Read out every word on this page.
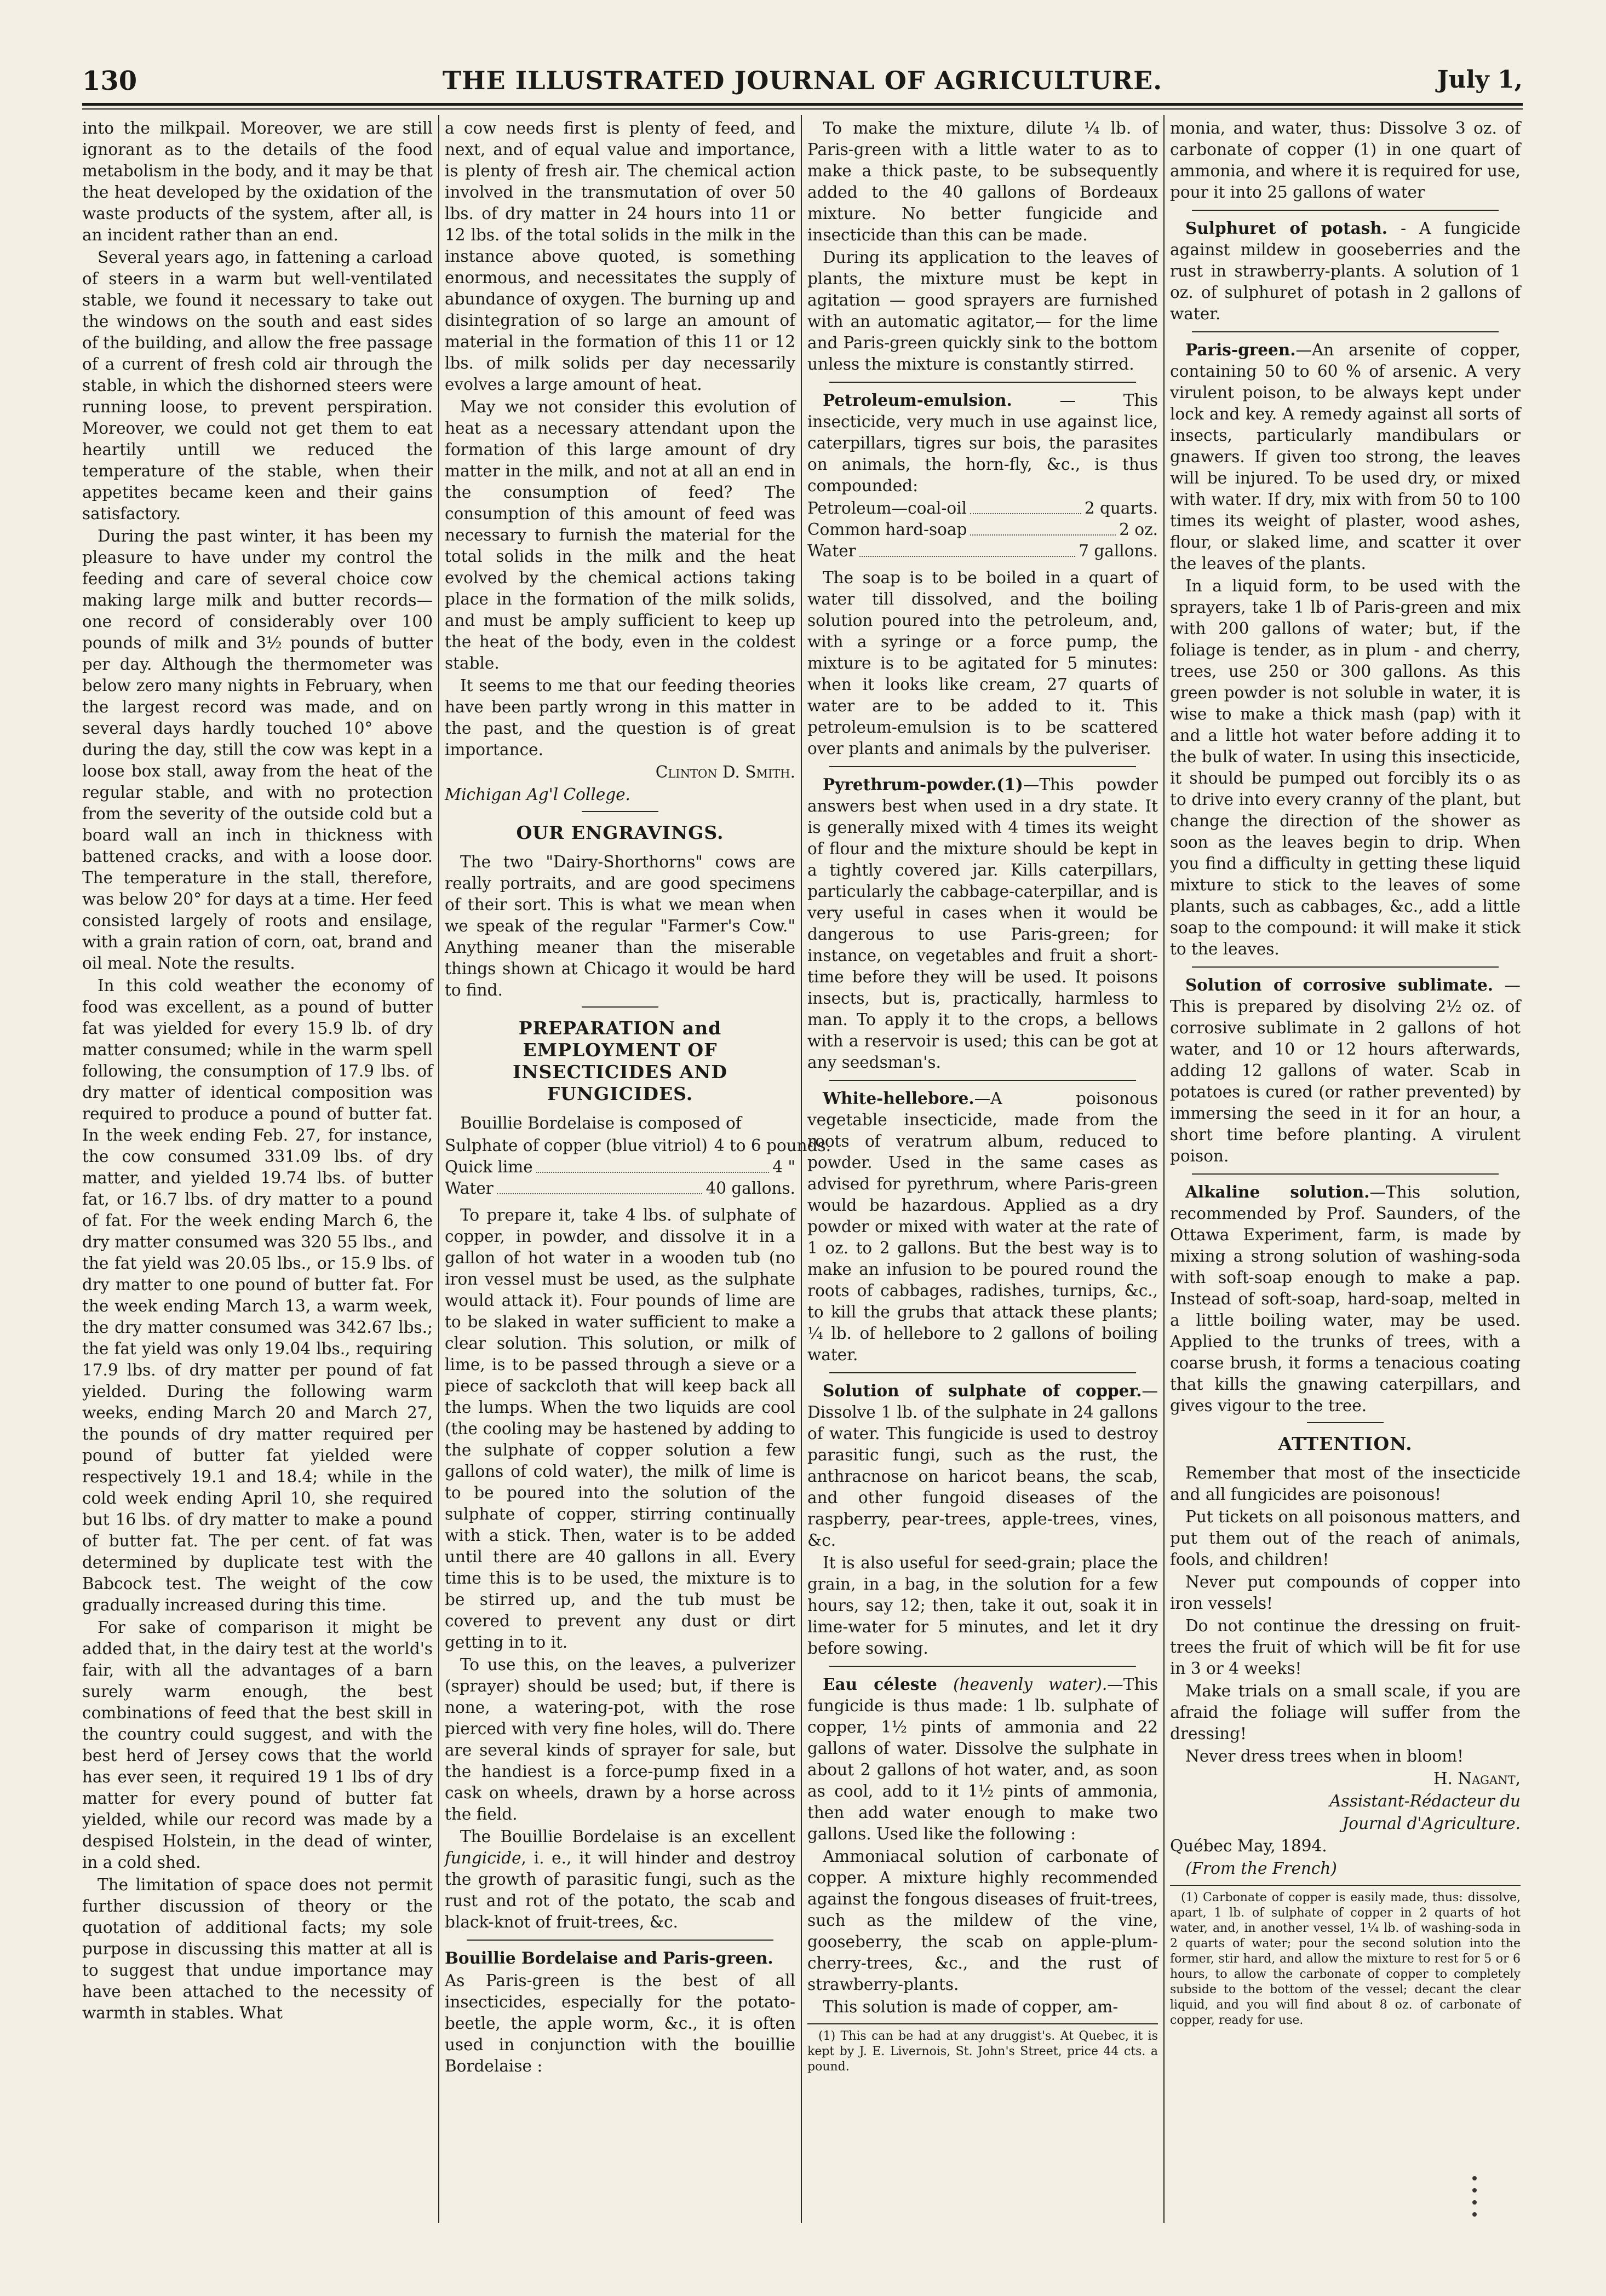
130	THE ILLUSTRATED JOURNAL OF AGRICULTURE.	July 1,

into the milkpail. Moreover, we are still ignorant as to the details of the food metabolism in the body, and it may be that the heat developed by the oxidation of the waste products of the system, after all, is an incident rather than an end.

Several years ago, in fattening a carload of steers in a warm but well-ventilated stable, we found it necessary to take out the windows on the south and east sides of the building, and allow the free passage of a current of fresh cold air through the stable, in which the dishorned steers were running loose, to prevent perspiration. Moreover, we could not get them to eat heartily untill we reduced the temperature of the stable, when their appetites became keen and their gains satisfactory.

During the past winter, it has been my pleasure to have under my control the feeding and care of several choice cow making large milk and butter records—one record of considerably over 100 pounds of milk and 3½ pounds of butter per day. Although the thermometer was below zero many nights in February, when the largest record was made, and on several days hardly touched 10° above during the day, still the cow was kept in a loose box stall, away from the heat of the regular stable, and with no protection from the severity of the outside cold but a board wall an inch in thickness with battened cracks, and with a loose door. The temperature in the stall, therefore, was below 20° for days at a time. Her feed consisted largely of roots and ensilage, with a grain ration of corn, oat, brand and oil meal. Note the results.

In this cold weather the economy of food was excellent, as a pound of butter fat was yielded for every 15.9 lb. of dry matter consumed; while in the warm spell following, the consumption of 17.9 lbs. of dry matter of identical composition was required to produce a pound of butter fat. In the week ending Feb. 27, for instance, the cow consumed 331.09 lbs. of dry matter, and yielded 19.74 lbs. of butter fat, or 16.7 lbs. of dry matter to a pound of fat. For the week ending March 6, the dry matter consumed was 320 55 lbs., and the fat yield was 20.05 lbs., or 15.9 lbs. of dry matter to one pound of butter fat. For the week ending March 13, a warm week, the dry matter consumed was 342.67 lbs.; the fat yield was only 19.04 lbs., requiring 17.9 lbs. of dry matter per pound of fat yielded. During the following warm weeks, ending March 20 and March 27, the pounds of dry matter required per pound of butter fat yielded were respectively 19.1 and 18.4; while in the cold week ending April 10, she required but 16 lbs. of dry matter to make a pound of butter fat. The per cent. of fat was determined by duplicate test with the Babcock test. The weight of the cow gradually increased during this time.

For sake of comparison it might be added that, in the dairy test at the world's fair, with all the advantages of a barn surely warm enough, the best combinations of feed that the best skill in the country could suggest, and with the best herd of Jersey cows that the world has ever seen, it required 19 1 lbs of dry matter for every pound of butter fat yielded, while our record was made by a despised Holstein, in the dead of winter, in a cold shed.

The limitation of space does not permit further discussion of theory or the quotation of additional facts; my sole purpose in discussing this matter at all is to suggest that undue importance may have been attached to the necessity of warmth in stables. What

a cow needs first is plenty of feed, and next, and of equal value and importance, is plenty of fresh air. The chemical action involved in the transmutation of over 50 lbs. of dry matter in 24 hours into 11 or 12 lbs. of the total solids in the milk in the instance above quoted, is something enormous, and necessitates the supply of abundance of oxygen. The burning up and disintegration of so large an amount of material in the formation of this 11 or 12 lbs. of milk solids per day necessarily evolves a large amount of heat.

May we not consider this evolution of heat as a necessary attendant upon the formation of this large amount of dry matter in the milk, and not at all an end in the consumption of feed? The consumption of this amount of feed was necessary to furnish the material for the total solids in the milk and the heat evolved by the chemical actions taking place in the formation of the milk solids, and must be amply sufficient to keep up the heat of the body, even in the coldest stable.

It seems to me that our feeding theories have been partly wrong in this matter in the past, and the question is of great importance.

Clinton D. Smith.

Michigan Ag'l College.

OUR ENGRAVINGS.

The two "Dairy-Shorthorns" cows are really portraits, and are good specimens of their sort. This is what we mean when we speak of the regular "Farmer's Cow." Anything meaner than the miserable things shown at Chicago it would be hard to find.

PREPARATION and EMPLOYMENT OF INSECTICIDES AND FUNGICIDES.

Bouillie Bordelaise is composed of

Sulphate of copper (blue vitriol) 4 to 6 pounds.
Quick lime	4 "
Water	40 gallons.

To prepare it, take 4 lbs. of sulphate of copper, in powder, and dissolve it in a gallon of hot water in a wooden tub (no iron vessel must be used, as the sulphate would attack it). Four pounds of lime are to be slaked in water sufficient to make a clear solution. This solution, or milk of lime, is to be passed through a sieve or a piece of sackcloth that will keep back all the lumps. When the two liquids are cool (the cooling may be hastened by adding to the sulphate of copper solution a few gallons of cold water), the milk of lime is to be poured into the solution of the sulphate of copper, stirring continually with a stick. Then, water is to be added until there are 40 gallons in all. Every time this is to be used, the mixture is to be stirred up, and the tub must be covered to prevent any dust or dirt getting in to it.

To use this, on the leaves, a pulverizer (sprayer) should be used; but, if there is none, a watering-pot, with the rose pierced with very fine holes, will do. There are several kinds of sprayer for sale, but the handiest is a force-pump fixed in a cask on wheels, drawn by a horse across the field.

The Bouillie Bordelaise is an excellent fungicide, i. e., it will hinder and destroy the growth of parasitic fungi, such as the rust and rot of the potato, the scab and black-knot of fruit-trees, &c.

Bouillie Bordelaise and Paris-green.

As Paris-green is the best of all insecticides, especially for the potato-beetle, the apple worm, &c., it is often used in conjunction with the bouillie Bordelaise :

To make the mixture, dilute ¼ lb. of Paris-green with a little water to as to make a thick paste, to be subsequently added to the 40 gallons of Bordeaux mixture. No better fungicide and insecticide than this can be made.

During its application to the leaves of plants, the mixture must be kept in agitation — good sprayers are furnished with an automatic agitator,— for the lime and Paris-green quickly sink to the bottom unless the mixture is constantly stirred.

Petroleum-emulsion. — This insecticide, very much in use against lice, caterpillars, tigres sur bois, the parasites on animals, the horn-fly, &c., is thus compounded:

Petroleum—coal-oil	2 quarts.
Common hard-soap	2 oz.
Water	7 gallons.

The soap is to be boiled in a quart of water till dissolved, and the boiling solution poured into the petroleum, and, with a syringe or a force pump, the mixture is to be agitated for 5 minutes: when it looks like cream, 27 quarts of water are to be added to it. This petroleum-emulsion is to be scattered over plants and animals by the pulveriser.

Pyrethrum-powder.(1)—This powder answers best when used in a dry state. It is generally mixed with 4 times its weight of flour and the mixture should be kept in a tightly covered jar. Kills caterpillars, particularly the cabbage-caterpillar, and is very useful in cases when it would be dangerous to use Paris-green; for instance, on vegetables and fruit a short-time before they will be used. It poisons insects, but is, practically, harmless to man. To apply it to the crops, a bellows with a reservoir is used; this can be got at any seedsman's.

White-hellebore.—A poisonous vegetable insecticide, made from the roots of veratrum album, reduced to powder. Used in the same cases as advised for pyrethrum, where Paris-green would be hazardous. Applied as a dry powder or mixed with water at the rate of 1 oz. to 2 gallons. But the best way is to make an infusion to be poured round the roots of cabbages, radishes, turnips, &c., to kill the grubs that attack these plants; ¼ lb. of hellebore to 2 gallons of boiling water.

Solution of sulphate of copper.—Dissolve 1 lb. of the sulphate in 24 gallons of water. This fungicide is used to destroy parasitic fungi, such as the rust, the anthracnose on haricot beans, the scab, and other fungoid diseases of the raspberry, pear-trees, apple-trees, vines, &c.

It is also useful for seed-grain; place the grain, in a bag, in the solution for a few hours, say 12; then, take it out, soak it in lime-water for 5 minutes, and let it dry before sowing.

Eau céleste (heavenly water).—This fungicide is thus made: 1 lb. sulphate of copper, 1½ pints of ammonia and 22 gallons of water. Dissolve the sulphate in about 2 gallons of hot water, and, as soon as cool, add to it 1½ pints of ammonia, then add water enough to make two gallons. Used like the following :

Ammoniacal solution of carbonate of copper. A mixture highly recommended against the fongous diseases of fruit-trees, such as the mildew of the vine, gooseberry, the scab on apple-plum-cherry-trees, &c., and the rust of strawberry-plants.

This solution is made of copper, am-

(1) This can be had at any druggist's. At Quebec, it is kept by J. E. Livernois, St. John's Street, price 44 cts. a pound.

monia, and water, thus: Dissolve 3 oz. of carbonate of copper (1) in one quart of ammonia, and where it is required for use, pour it into 25 gallons of water

Sulphuret of potash. - A fungicide against mildew in gooseberries and the rust in strawberry-plants. A solution of 1 oz. of sulphuret of potash in 2 gallons of water.

Paris-green.—An arsenite of copper, containing 50 to 60 % of arsenic. A very virulent poison, to be always kept under lock and key. A remedy against all sorts of insects, particularly mandibulars or gnawers. If given too strong, the leaves will be injured. To be used dry, or mixed with water. If dry, mix with from 50 to 100 times its weight of plaster, wood ashes, flour, or slaked lime, and scatter it over the leaves of the plants.

In a liquid form, to be used with the sprayers, take 1 lb of Paris-green and mix with 200 gallons of water; but, if the foliage is tender, as in plum - and cherry, trees, use 250 or 300 gallons. As this green powder is not soluble in water, it is wise to make a thick mash (pap) with it and a little hot water before adding it to the bulk of water. In using this insecticide, it should be pumped out forcibly its o as to drive into every cranny of the plant, but change the direction of the shower as soon as the leaves begin to drip. When you find a difficulty in getting these liquid mixture to stick to the leaves of some plants, such as cabbages, &c., add a little soap to the compound: it will make it stick to the leaves.

Solution of corrosive sublimate. — This is prepared by disolving 2½ oz. of corrosive sublimate in 2 gallons of hot water, and 10 or 12 hours afterwards, adding 12 gallons of water. Scab in potatoes is cured (or rather prevented) by immersing the seed in it for an hour, a short time before planting. A virulent poison.

Alkaline solution.—This solution, recommended by Prof. Saunders, of the Ottawa Experiment, farm, is made by mixing a strong solution of washing-soda with soft-soap enough to make a pap. Instead of soft-soap, hard-soap, melted in a little boiling water, may be used. Applied to the trunks of trees, with a coarse brush, it forms a tenacious coating that kills the gnawing caterpillars, and gives vigour to the tree.

ATTENTION.

Remember that most of the insecticide and all fungicides are poisonous!

Put tickets on all poisonous matters, and put them out of the reach of animals, fools, and children!

Never put compounds of copper into iron vessels!

Do not continue the dressing on fruit-trees the fruit of which will be fit for use in 3 or 4 weeks!

Make trials on a small scale, if you are afraid the foliage will suffer from the dressing!

Never dress trees when in bloom!

H. Nagant,

Assistant-Rédacteur du

Journal d'Agriculture.

Québec May, 1894.

(From the French)

(1) Carbonate of copper is easily made, thus: dissolve, apart, 1 lb. of sulphate of copper in 2 quarts of hot water, and, in another vessel, 1¼ lb. of washing-soda in 2 quarts of water; pour the second solution into the former, stir hard, and allow the mixture to rest for 5 or 6 hours, to allow the carbonate of copper to completely subside to the bottom of the vessel; decant the clear liquid, and you will find about 8 oz. of carbonate of copper, ready for use.
